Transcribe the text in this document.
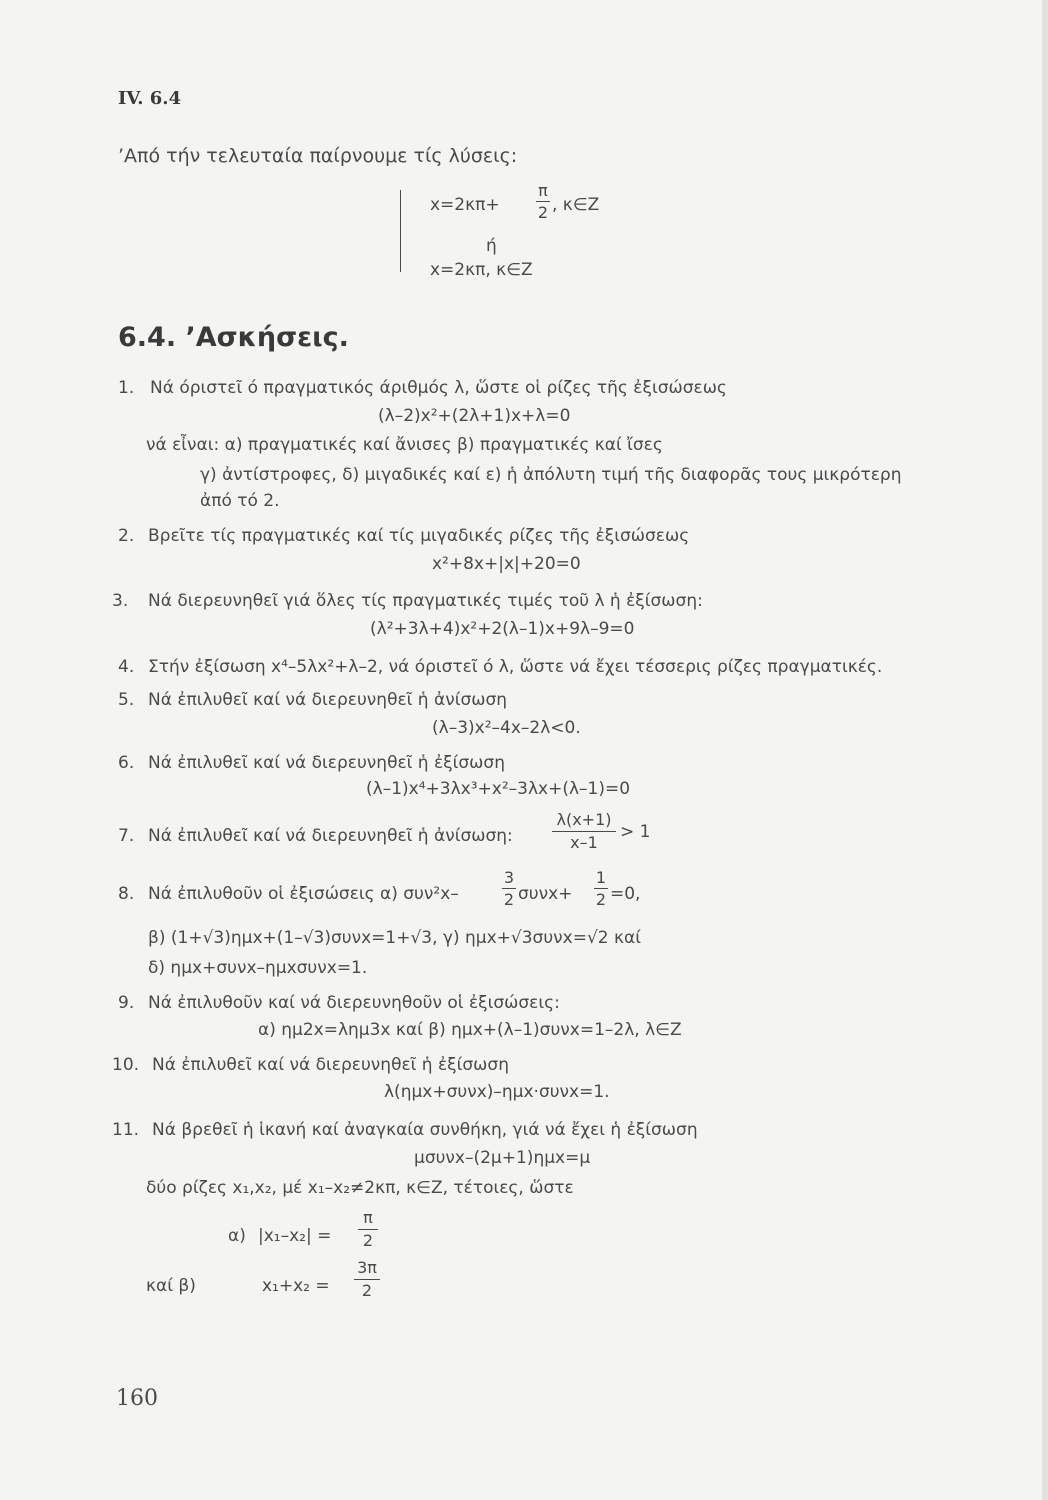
IV. 6.4
’Από τήν τελευταία παίρνουμε τίς λύσεις:
x=2κπ+
π
2 , κ∈Z
ή
x=2κπ, κ∈Z
6.4. ’Ασκήσεις.
1. Νά όριστεῖ ό πραγματικός άριθμός λ, ὥστε οἱ ρίζες τῆς ἐξισώσεως
(λ–2)x²+(2λ+1)x+λ=0
νά εἶναι: α) πραγματικές καί ἄνισες β) πραγματικές καί ἴσες
γ) ἀντίστροφες, δ) μιγαδικές καί ε) ἡ ἀπόλυτη τιμή τῆς διαφορᾶς τους μικρότερη
ἀπό τό 2.
2. Βρεῖτε τίς πραγματικές καί τίς μιγαδικές ρίζες τῆς ἐξισώσεως
x²+8x+|x|+20=0
3. Νά διερευνηθεῖ γιά ὅλες τίς πραγματικές τιμές τοῦ λ ἡ ἐξίσωση:
(λ²+3λ+4)x²+2(λ–1)x+9λ–9=0
4. Στήν ἐξίσωση x⁴–5λx²+λ–2, νά όριστεῖ ό λ, ὥστε νά ἔχει τέσσερις ρίζες πραγματικές.
5. Νά ἐπιλυθεῖ καί νά διερευνηθεῖ ἡ ἀνίσωση
(λ–3)x²–4x–2λ<0.
6. Νά ἐπιλυθεῖ καί νά διερευνηθεῖ ἡ ἐξίσωση
(λ–1)x⁴+3λx³+x²–3λx+(λ–1)=0
7. Νά ἐπιλυθεῖ καί νά διερευνηθεῖ ἡ ἀνίσωση:
λ(x+1)
x–1
> 1
8. Νά ἐπιλυθοῦν οἱ ἐξισώσεις α) συν²x–
3
2 συνx+
1
2 =0,
β) (1+√3)ημx+(1–√3)συνx=1+√3, γ) ημx+√3συνx=√2 καί
δ) ημx+συνx–ημxσυνx=1.
9. Νά ἐπιλυθοῦν καί νά διερευνηθοῦν οἱ ἐξισώσεις:
α) ημ2x=λημ3x καί β) ημx+(λ–1)συνx=1–2λ, λ∈Z
10. Νά ἐπιλυθεῖ καί νά διερευνηθεῖ ἡ ἐξίσωση
λ(ημx+συνx)–ημx·συνx=1.
11. Νά βρεθεῖ ἡ ἱκανή καί ἀναγκαία συνθήκη, γιά νά ἔχει ἡ ἐξίσωση
μσυνx–(2μ+1)ημx=μ
δύο ρίζες x₁,x₂, μέ x₁–x₂≠2κπ, κ∈Z, τέτοιες, ὥστε
α) |x₁–x₂| =
π
2
καί β)	x₁+x₂ =
3π
2
160
